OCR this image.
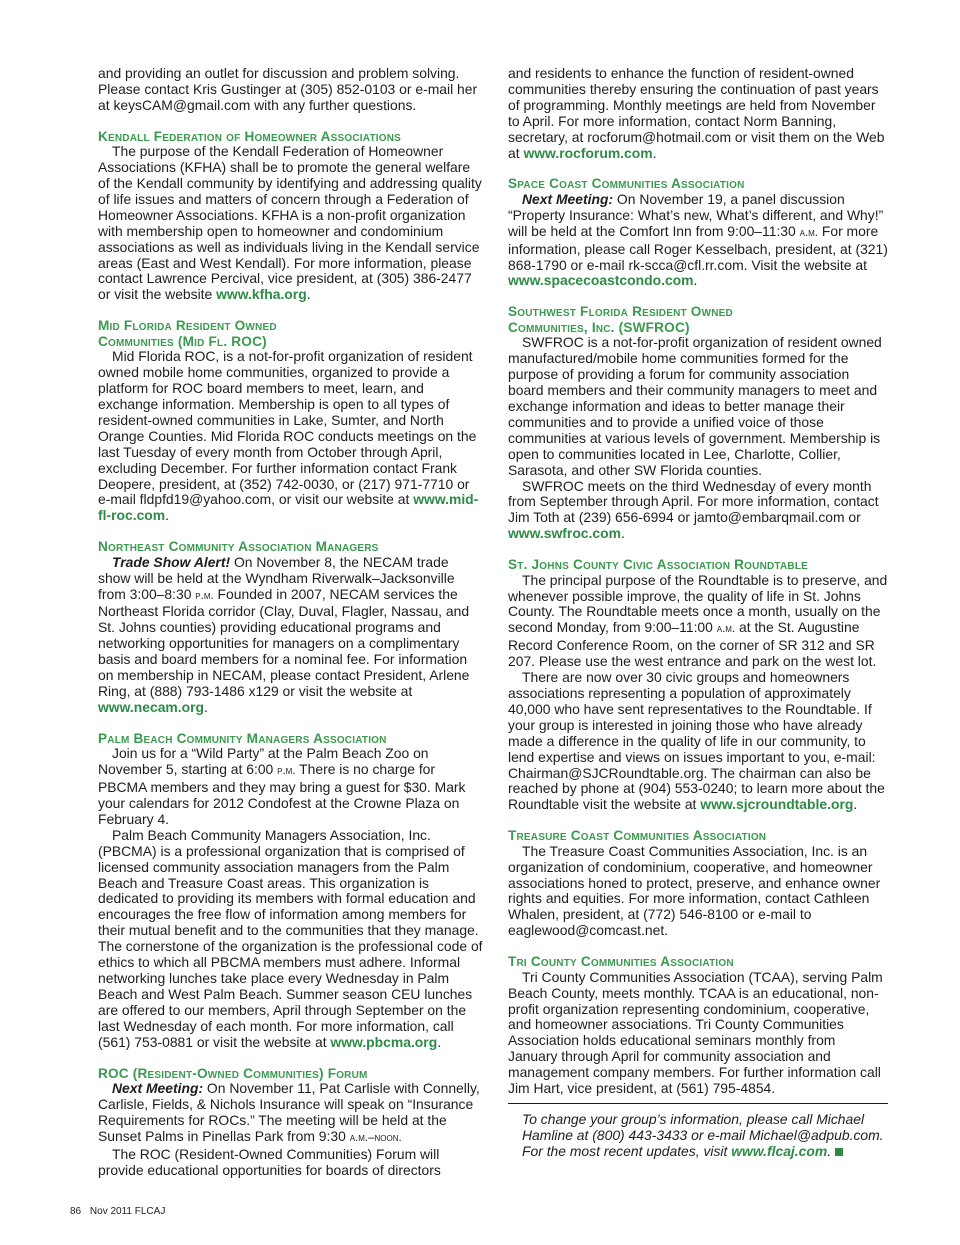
and providing an outlet for discussion and problem solving. Please contact Kris Gustinger at (305) 852-0103 or e-mail her at keysCAM@gmail.com with any further questions.

Kendall Federation of Homeowner Associations

The purpose of the Kendall Federation of Homeowner Associations (KFHA) shall be to promote the general welfare of the Kendall community by identifying and addressing quality of life issues and matters of concern through a Federation of Homeowner Associations. KFHA is a non-profit organization with membership open to homeowner and condominium associations as well as individuals living in the Kendall service areas (East and West Kendall). For more information, please contact Lawrence Percival, vice president, at (305) 386-2477 or visit the website www.kfha.org.

Mid Florida Resident Owned
Communities (Mid Fl. ROC)

Mid Florida ROC, is a not-for-profit organization of resident owned mobile home communities, organized to provide a platform for ROC board members to meet, learn, and exchange information. Membership is open to all types of resident-owned communities in Lake, Sumter, and North Orange Counties. Mid Florida ROC conducts meetings on the last Tuesday of every month from October through April, excluding December. For further information contact Frank Deopere, president, at (352) 742-0030, or (217) 971-7710 or e-mail fldpfd19@yahoo.com, or visit our website at www.mid-fl-roc.com.

Northeast Community Association Managers

Trade Show Alert! On November 8, the NECAM trade show will be held at the Wyndham Riverwalk–Jacksonville from 3:00–8:30 p.m. Founded in 2007, NECAM services the Northeast Florida corridor (Clay, Duval, Flagler, Nassau, and St. Johns counties) providing educational programs and networking opportunities for managers on a complimentary basis and board members for a nominal fee. For information on membership in NECAM, please contact President, Arlene Ring, at (888) 793-1486 x129 or visit the website at www.necam.org.

Palm Beach Community Managers Association

Join us for a “Wild Party” at the Palm Beach Zoo on November 5, starting at 6:00 p.m. There is no charge for PBCMA members and they may bring a guest for $30. Mark your calendars for 2012 Condofest at the Crowne Plaza on February 4.

Palm Beach Community Managers Association, Inc. (PBCMA) is a professional organization that is comprised of licensed community association managers from the Palm Beach and Treasure Coast areas. This organization is dedicated to providing its members with formal education and encourages the free flow of information among members for their mutual benefit and to the communities that they manage. The cornerstone of the organization is the professional code of ethics to which all PBCMA members must adhere. Informal networking lunches take place every Wednesday in Palm Beach and West Palm Beach. Summer season CEU lunches are offered to our members, April through September on the last Wednesday of each month. For more information, call (561) 753-0881 or visit the website at www.pbcma.org.

ROC (Resident-Owned Communities) Forum

Next Meeting: On November 11, Pat Carlisle with Connelly, Carlisle, Fields, & Nichols Insurance will speak on “Insurance Requirements for ROCs.” The meeting will be held at the Sunset Palms in Pinellas Park from 9:30 a.m.–noon.

The ROC (Resident-Owned Communities) Forum will provide educational opportunities for boards of directors

and residents to enhance the function of resident-owned communities thereby ensuring the continuation of past years of programming. Monthly meetings are held from November to April. For more information, contact Norm Banning, secretary, at rocforum@hotmail.com or visit them on the Web at www.rocforum.com.

Space Coast Communities Association

Next Meeting: On November 19, a panel discussion “Property Insurance: What’s new, What’s different, and Why!” will be held at the Comfort Inn from 9:00–11:30 a.m. For more information, please call Roger Kesselbach, president, at (321) 868-1790 or e-mail rk-scca@cfl.rr.com. Visit the website at www.spacecoastcondo.com.

Southwest Florida Resident Owned
Communities, Inc. (SWFROC)

SWFROC is a not-for-profit organization of resident owned manufactured/mobile home communities formed for the purpose of providing a forum for community association board members and their community managers to meet and exchange information and ideas to better manage their communities and to provide a unified voice of those communities at various levels of government. Membership is open to communities located in Lee, Charlotte, Collier, Sarasota, and other SW Florida counties.

SWFROC meets on the third Wednesday of every month from September through April. For more information, contact Jim Toth at (239) 656-6994 or jamto@embarqmail.com or www.swfroc.com.

St. Johns County Civic Association Roundtable

The principal purpose of the Roundtable is to preserve, and whenever possible improve, the quality of life in St. Johns County. The Roundtable meets once a month, usually on the second Monday, from 9:00–11:00 a.m. at the St. Augustine Record Conference Room, on the corner of SR 312 and SR 207. Please use the west entrance and park on the west lot.

There are now over 30 civic groups and homeowners associations representing a population of approximately 40,000 who have sent representatives to the Roundtable. If your group is interested in joining those who have already made a difference in the quality of life in our community, to lend expertise and views on issues important to you, e-mail: Chairman@SJCRoundtable.org. The chairman can also be reached by phone at (904) 553-0240; to learn more about the Roundtable visit the website at www.sjcroundtable.org.

Treasure Coast Communities Association

The Treasure Coast Communities Association, Inc. is an organization of condominium, cooperative, and homeowner associations honed to protect, preserve, and enhance owner rights and equities. For more information, contact Cathleen Whalen, president, at (772) 546-8100 or e-mail to eaglewood@comcast.net.

Tri County Communities Association

Tri County Communities Association (TCAA), serving Palm Beach County, meets monthly. TCAA is an educational, non-profit organization representing condominium, cooperative, and homeowner associations. Tri County Communities Association holds educational seminars monthly from January through April for community association and management company members. For further information call Jim Hart, vice president, at (561) 795-4854.

To change your group’s information, please call Michael Hamline at (800) 443-3433 or e-mail Michael@adpub.com. For the most recent updates, visit www.flcaj.com.

86 Nov 2011 FLCAJ
